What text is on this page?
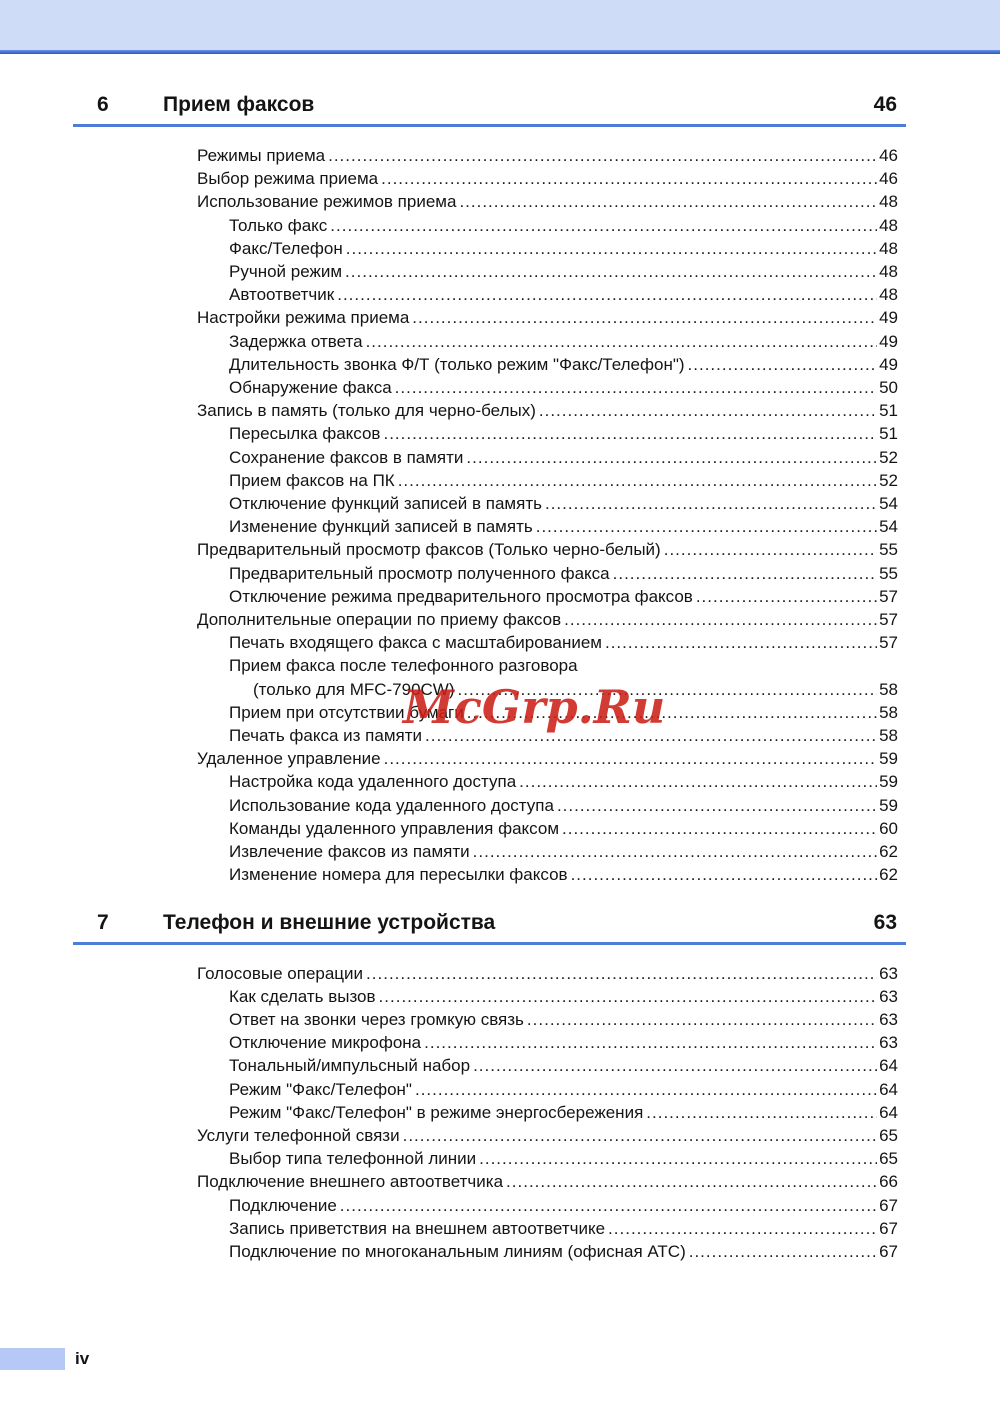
6	Прием факсов	46
Режимы приема .....	46
Выбор режима приема .....	46
Использование режимов приема .....	48
Только факс .....	48
Факс/Телефон .....	48
Ручной режим .....	48
Автоответчик .....	48
Настройки режима приема .....	49
Задержка ответа .....	49
Длительность звонка Ф/Т (только режим "Факс/Телефон") .....	49
Обнаружение факса .....	50
Запись в память (только для черно-белых) .....	51
Пересылка факсов .....	51
Сохранение факсов в памяти .....	52
Прием факсов на ПК .....	52
Отключение функций записей в память .....	54
Изменение функций записей в память .....	54
Предварительный просмотр факсов (Только черно-белый) .....	55
Предварительный просмотр полученного факса .....	55
Отключение режима предварительного просмотра факсов .....	57
Дополнительные операции по приему факсов .....	57
Печать входящего факса с масштабированием .....	57
Прием факса после телефонного разговора
(только для MFC-790CW) .....	58
Прием при отсутствии бумаги .....	58
Печать факса из памяти .....	58
Удаленное управление .....	59
Настройка кода удаленного доступа .....	59
Использование кода удаленного доступа .....	59
Команды удаленного управления факсом .....	60
Извлечение факсов из памяти .....	62
Изменение номера для пересылки факсов .....	62
7	Телефон и внешние устройства	63
Голосовые операции .....	63
Как сделать вызов .....	63
Ответ на звонки через громкую связь .....	63
Отключение микрофона .....	63
Тональный/импульсный набор .....	64
Режим "Факс/Телефон" .....	64
Режим "Факс/Телефон" в режиме энергосбережения .....	64
Услуги телефонной связи .....	65
Выбор типа телефонной линии .....	65
Подключение внешнего автоответчика .....	66
Подключение .....	67
Запись приветствия на внешнем автоответчике .....	67
Подключение по многоканальным линиям (офисная АТС) .....	67
McGrp.Ru
iv
